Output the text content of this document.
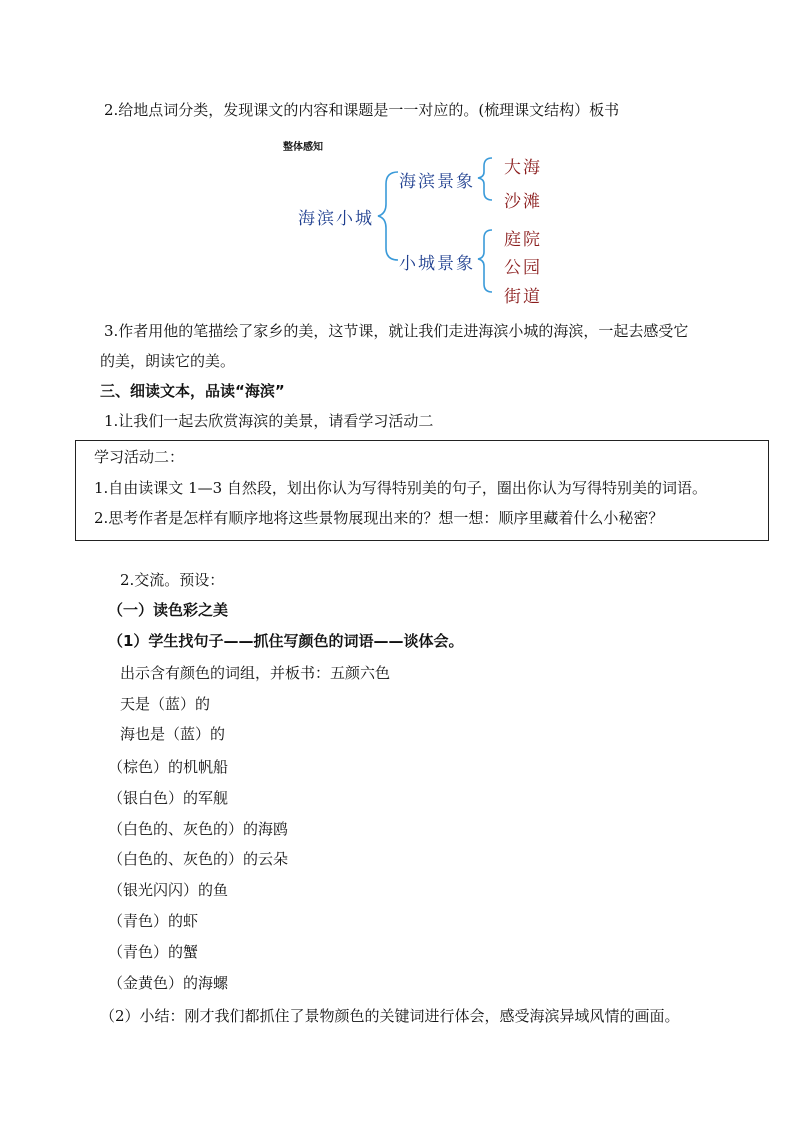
2.给地点词分类，发现课文的内容和课题是一一对应的。(梳理课文结构）板书
整体感知
海滨小城
海滨景象
小城景象
大海
沙滩
庭院
公园
街道
3.作者用他的笔描绘了家乡的美，这节课，就让我们走进海滨小城的海滨，一起去感受它
的美，朗读它的美。
三、细读文本，品读“海滨”
1.让我们一起去欣赏海滨的美景，请看学习活动二
学习活动二：
1.自由读课文 1—3 自然段，划出你认为写得特别美的句子，圈出你认为写得特别美的词语。
2.思考作者是怎样有顺序地将这些景物展现出来的？想一想：顺序里藏着什么小秘密？
2.交流。预设：
（一）读色彩之美
（1）学生找句子——抓住写颜色的词语——谈体会。
出示含有颜色的词组，并板书：五颜六色
天是（蓝）的
海也是（蓝）的
（棕色）的机帆船
（银白色）的军舰
（白色的、灰色的）的海鸥
（白色的、灰色的）的云朵
（银光闪闪）的鱼
（青色）的虾
（青色）的蟹
（金黄色）的海螺
（2）小结：刚才我们都抓住了景物颜色的关键词进行体会，感受海滨异域风情的画面。
